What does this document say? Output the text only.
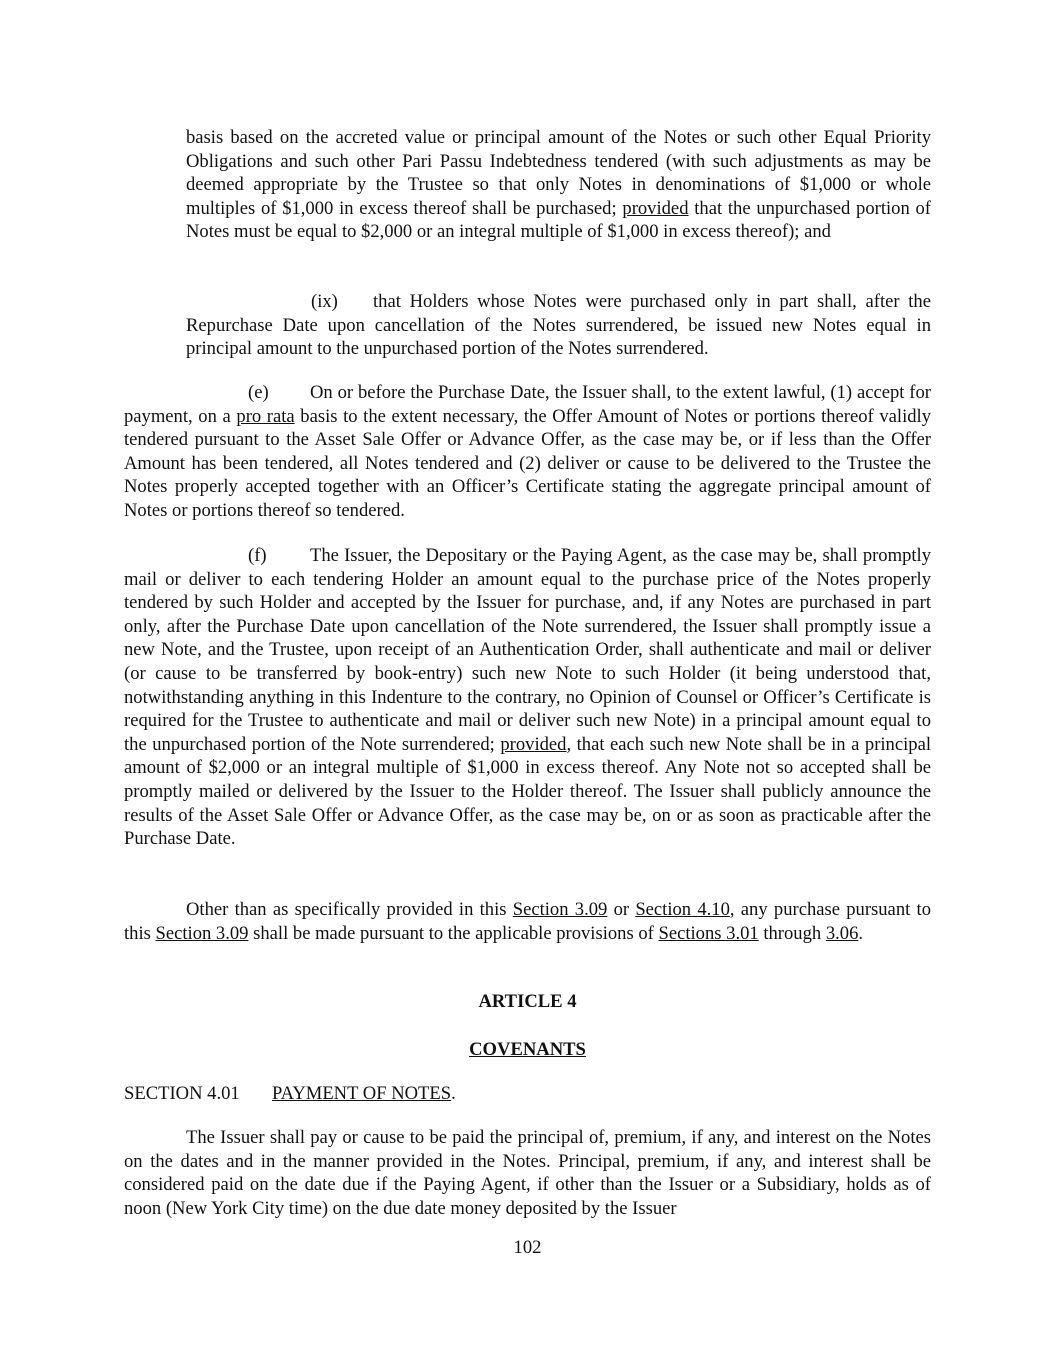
basis based on the accreted value or principal amount of the Notes or such other Equal Priority Obligations and such other Pari Passu Indebtedness tendered (with such adjustments as may be deemed appropriate by the Trustee so that only Notes in denominations of $1,000 or whole multiples of $1,000 in excess thereof shall be purchased; provided that the unpurchased portion of Notes must be equal to $2,000 or an integral multiple of $1,000 in excess thereof); and

(ix) that Holders whose Notes were purchased only in part shall, after the Repurchase Date upon cancellation of the Notes surrendered, be issued new Notes equal in principal amount to the unpurchased portion of the Notes surrendered.

(e) On or before the Purchase Date, the Issuer shall, to the extent lawful, (1) accept for payment, on a pro rata basis to the extent necessary, the Offer Amount of Notes or portions thereof validly tendered pursuant to the Asset Sale Offer or Advance Offer, as the case may be, or if less than the Offer Amount has been tendered, all Notes tendered and (2) deliver or cause to be delivered to the Trustee the Notes properly accepted together with an Officer’s Certificate stating the aggregate principal amount of Notes or portions thereof so tendered.

(f) The Issuer, the Depositary or the Paying Agent, as the case may be, shall promptly mail or deliver to each tendering Holder an amount equal to the purchase price of the Notes properly tendered by such Holder and accepted by the Issuer for purchase, and, if any Notes are purchased in part only, after the Purchase Date upon cancellation of the Note surrendered, the Issuer shall promptly issue a new Note, and the Trustee, upon receipt of an Authentication Order, shall authenticate and mail or deliver (or cause to be transferred by book-entry) such new Note to such Holder (it being understood that, notwithstanding anything in this Indenture to the contrary, no Opinion of Counsel or Officer’s Certificate is required for the Trustee to authenticate and mail or deliver such new Note) in a principal amount equal to the unpurchased portion of the Note surrendered; provided, that each such new Note shall be in a principal amount of $2,000 or an integral multiple of $1,000 in excess thereof. Any Note not so accepted shall be promptly mailed or delivered by the Issuer to the Holder thereof. The Issuer shall publicly announce the results of the Asset Sale Offer or Advance Offer, as the case may be, on or as soon as practicable after the Purchase Date.

Other than as specifically provided in this Section 3.09 or Section 4.10, any purchase pursuant to this Section 3.09 shall be made pursuant to the applicable provisions of Sections 3.01 through 3.06.

ARTICLE 4
COVENANTS
SECTION 4.01 PAYMENT OF NOTES.

The Issuer shall pay or cause to be paid the principal of, premium, if any, and interest on the Notes on the dates and in the manner provided in the Notes. Principal, premium, if any, and interest shall be considered paid on the date due if the Paying Agent, if other than the Issuer or a Subsidiary, holds as of noon (New York City time) on the due date money deposited by the Issuer

102
